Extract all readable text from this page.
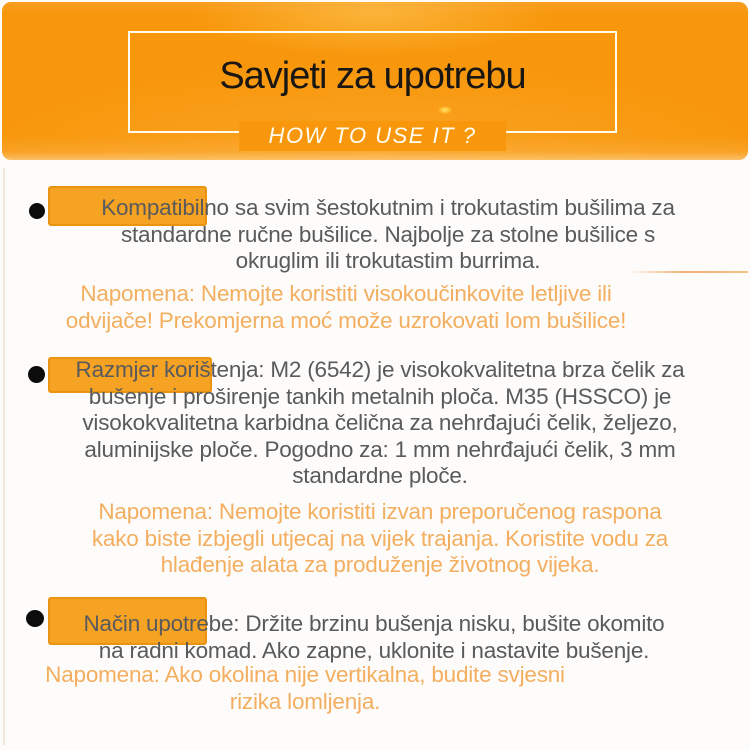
Savjeti za upotrebu
HOW TO USE IT ?
Kompatibilno sa svim šestokutnim i trokutastim bušilima za
standardne ručne bušilice. Najbolje za stolne bušilice s
okruglim ili trokutastim burrima.
Napomena: Nemojte koristiti visokoučinkovite letljive ili
odvijače! Prekomjerna moć može uzrokovati lom bušilice!
Razmjer korištenja: M2 (6542) je visokokvalitetna brza čelik za
bušenje i proširenje tankih metalnih ploča. M35 (HSSCO) je
visokokvalitetna karbidna čelična za nehrđajući čelik, željezo,
aluminijske ploče. Pogodno za: 1 mm nehrđajući čelik, 3 mm
standardne ploče.
Napomena: Nemojte koristiti izvan preporučenog raspona
kako biste izbjegli utjecaj na vijek trajanja. Koristite vodu za
hlađenje alata za produženje životnog vijeka.
Način upotrebe: Držite brzinu bušenja nisku, bušite okomito
na radni komad. Ako zapne, uklonite i nastavite bušenje.
Napomena: Ako okolina nije vertikalna, budite svjesni
rizika lomljenja.
